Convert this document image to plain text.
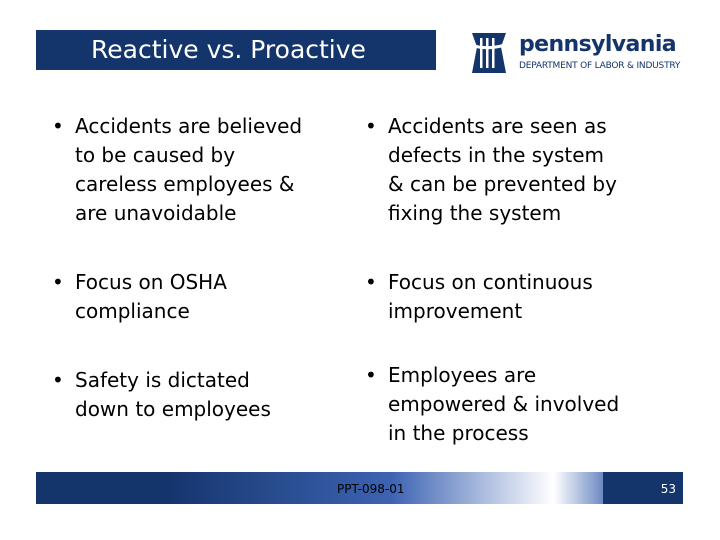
Reactive vs. Proactive	pennsylvania
DEPARTMENT OF LABOR & INDUSTRY
• Accidents are believed
to be caused by
careless employees &
are unavoidable
• Accidents are seen as
defects in the system
& can be prevented by
fixing the system
• Focus on OSHA
compliance
• Focus on continuous
improvement
• Safety is dictated
down to employees
• Employees are
empowered & involved
in the process
PPT-098-01	53
